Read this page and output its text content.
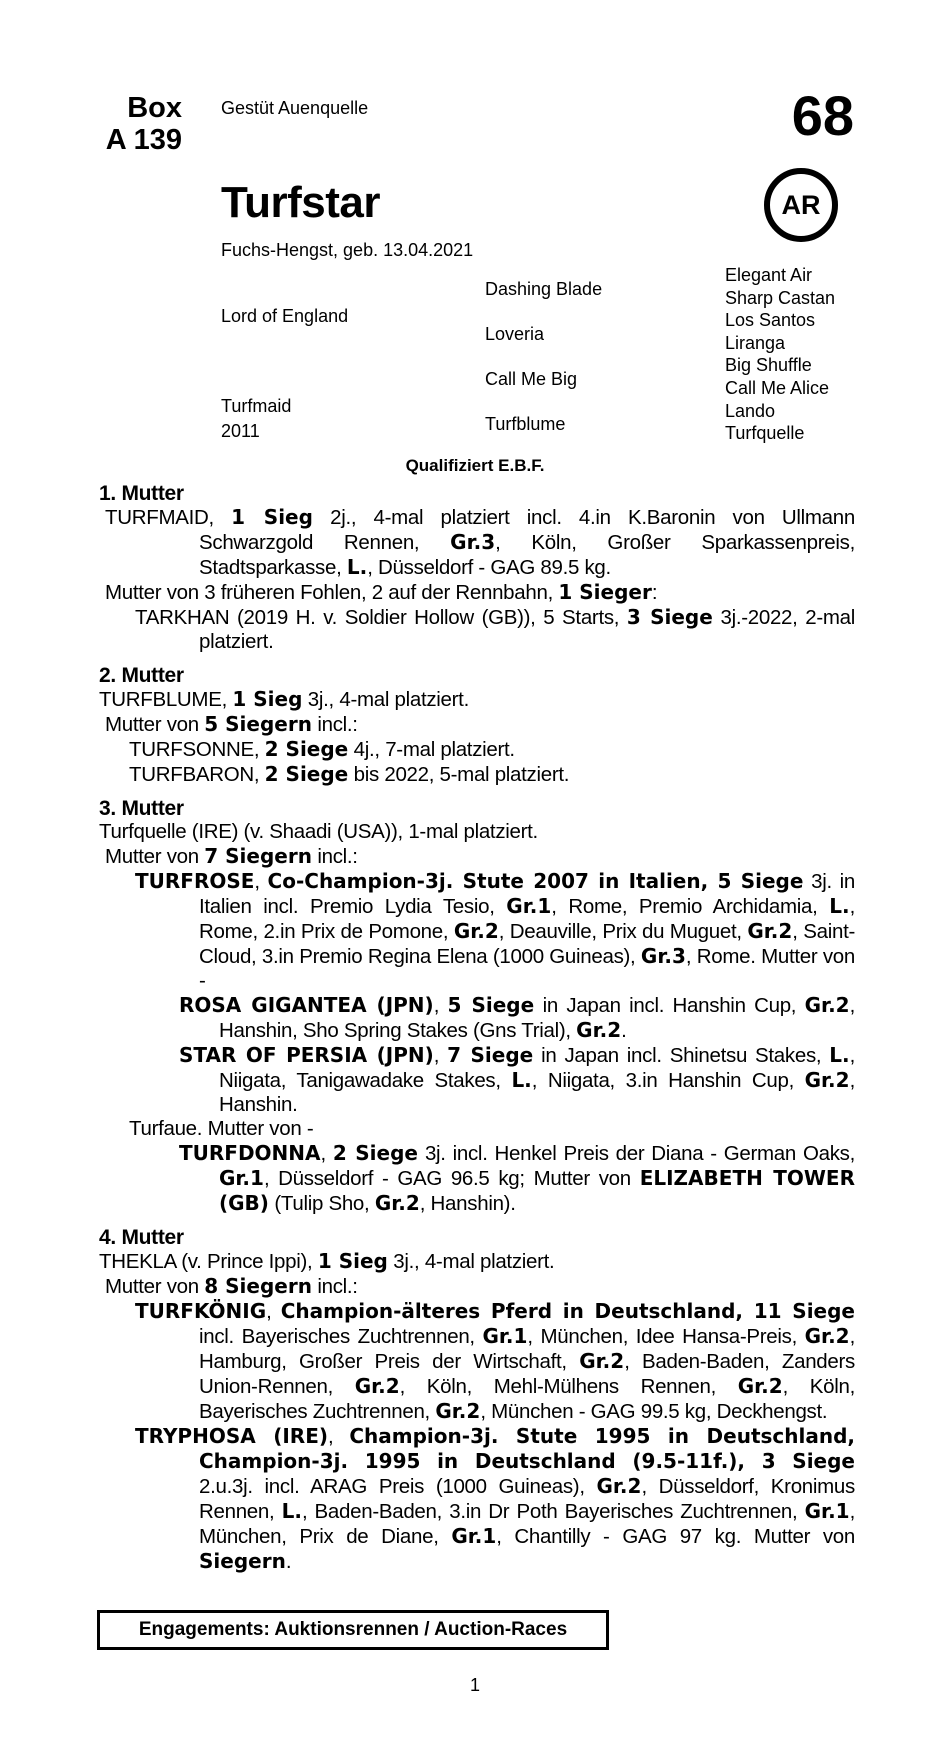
Box
A 139
Gestüt Auenquelle	68
Turfstar	AR
Fuchs-Hengst, geb. 13.04.2021
Lord of England
Turfmaid
2011
Dashing Blade
Loveria
Call Me Big
Turfblume
Elegant Air
Sharp Castan
Los Santos
Liranga
Big Shuffle
Call Me Alice
Lando
Turfquelle
Qualifiziert E.B.F.
1. Mutter

TURFMAID, 1 Sieg 2j., 4-mal platziert incl. 4.in K.Baronin von Ullmann Schwarzgold Rennen, Gr.3, Köln, Großer Sparkassenpreis, Stadtsparkasse, L., Düsseldorf - GAG 89.5 kg.

Mutter von 3 früheren Fohlen, 2 auf der Rennbahn, 1 Sieger:

TARKHAN (2019 H. v. Soldier Hollow (GB)), 5 Starts, 3 Siege 3j.-2022, 2-mal platziert.

2. Mutter

TURFBLUME, 1 Sieg 3j., 4-mal platziert.

Mutter von 5 Siegern incl.:

TURFSONNE, 2 Siege 4j., 7-mal platziert.

TURFBARON, 2 Siege bis 2022, 5-mal platziert.

3. Mutter

Turfquelle (IRE) (v. Shaadi (USA)), 1-mal platziert.

Mutter von 7 Siegern incl.:

TURFROSE, Co-Champion-3j. Stute 2007 in Italien, 5 Siege 3j. in Italien incl. Premio Lydia Tesio, Gr.1, Rome, Premio Archidamia, L., Rome, 2.in Prix de Pomone, Gr.2, Deauville, Prix du Muguet, Gr.2, Saint-Cloud, 3.in Premio Regina Elena (1000 Guineas), Gr.3, Rome. Mutter von -

ROSA GIGANTEA (JPN), 5 Siege in Japan incl. Hanshin Cup, Gr.2, Hanshin, Sho Spring Stakes (Gns Trial), Gr.2.

STAR OF PERSIA (JPN), 7 Siege in Japan incl. Shinetsu Stakes, L., Niigata, Tanigawadake Stakes, L., Niigata, 3.in Hanshin Cup, Gr.2, Hanshin.

Turfaue. Mutter von -

TURFDONNA, 2 Siege 3j. incl. Henkel Preis der Diana - German Oaks, Gr.1, Düsseldorf - GAG 96.5 kg; Mutter von ELIZABETH TOWER (GB) (Tulip Sho, Gr.2, Hanshin).

4. Mutter

THEKLA (v. Prince Ippi), 1 Sieg 3j., 4-mal platziert.

Mutter von 8 Siegern incl.:

TURFKÖNIG, Champion-älteres Pferd in Deutschland, 11 Siege incl. Bayerisches Zuchtrennen, Gr.1, München, Idee Hansa-Preis, Gr.2, Hamburg, Großer Preis der Wirtschaft, Gr.2, Baden-Baden, Zanders Union-Rennen, Gr.2, Köln, Mehl-Mülhens Rennen, Gr.2, Köln, Bayerisches Zuchtrennen, Gr.2, München - GAG 99.5 kg, Deckhengst.

TRYPHOSA (IRE), Champion-3j. Stute 1995 in Deutschland, Champion-3j. 1995 in Deutschland (9.5-11f.), 3 Siege 2.u.3j. incl. ARAG Preis (1000 Guineas), Gr.2, Düsseldorf, Kronimus Rennen, L., Baden-Baden, 3.in Dr Poth Bayerisches Zuchtrennen, Gr.1, München, Prix de Diane, Gr.1, Chantilly - GAG 97 kg. Mutter von Siegern.

Engagements: Auktionsrennen / Auction-Races
1
